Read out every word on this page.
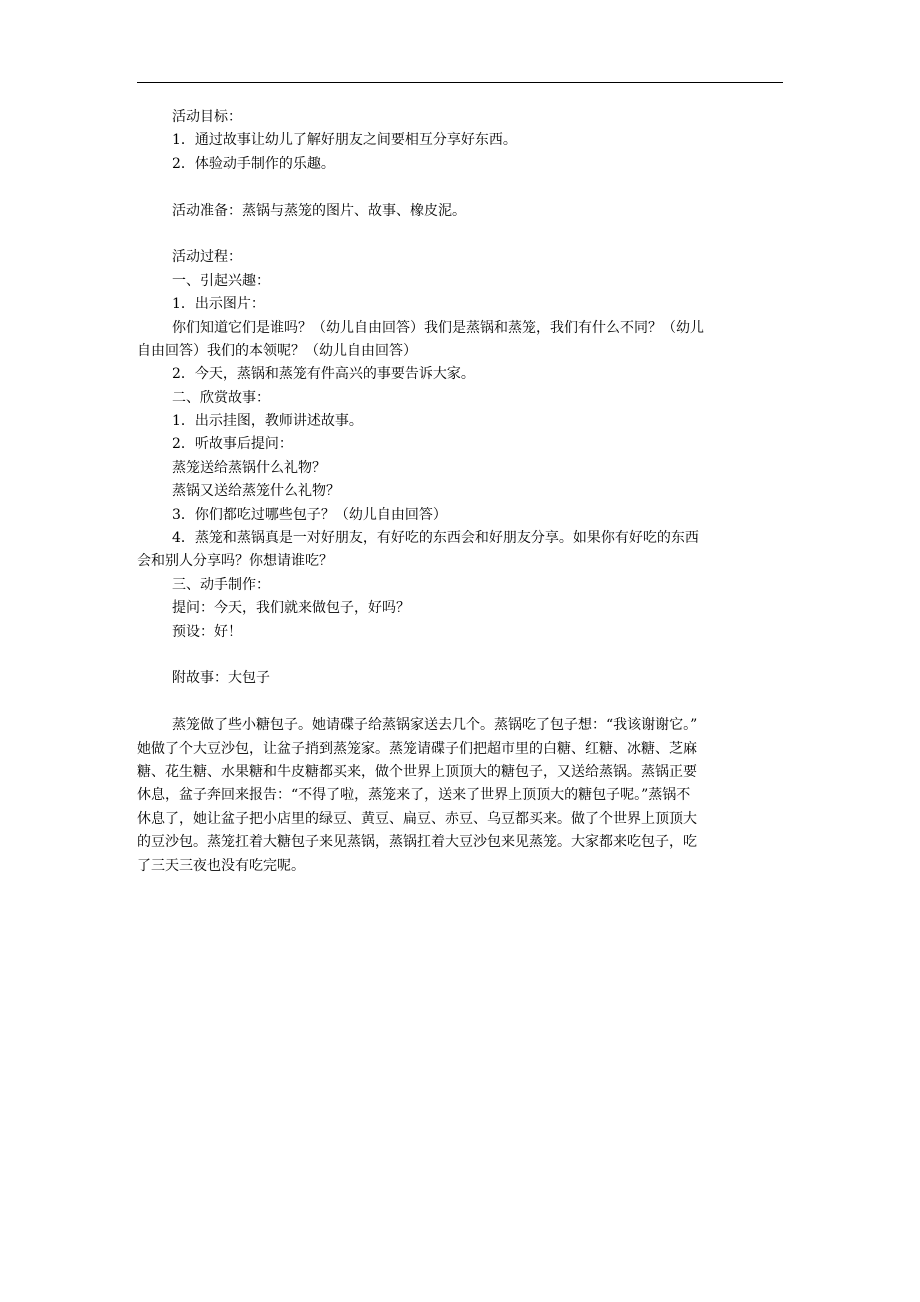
活动目标：
1．通过故事让幼儿了解好朋友之间要相互分享好东西。
2．体验动手制作的乐趣。
活动准备：蒸锅与蒸笼的图片、故事、橡皮泥。
活动过程：
一、引起兴趣：
1．出示图片：
你们知道它们是谁吗？（幼儿自由回答）我们是蒸锅和蒸笼，我们有什么不同？（幼儿
自由回答）我们的本领呢？（幼儿自由回答）
2．今天，蒸锅和蒸笼有件高兴的事要告诉大家。
二、欣赏故事：
1．出示挂图，教师讲述故事。
2．听故事后提问：
蒸笼送给蒸锅什么礼物？
蒸锅又送给蒸笼什么礼物？
3．你们都吃过哪些包子？（幼儿自由回答）
4．蒸笼和蒸锅真是一对好朋友，有好吃的东西会和好朋友分享。如果你有好吃的东西
会和别人分享吗？你想请谁吃？
三、动手制作：
提问：今天，我们就来做包子，好吗？
预设：好！
附故事：大包子
蒸笼做了些小糖包子。她请碟子给蒸锅家送去几个。蒸锅吃了包子想：“我该谢谢它。”
她做了个大豆沙包，让盆子捎到蒸笼家。蒸笼请碟子们把超市里的白糖、红糖、冰糖、芝麻
糖、花生糖、水果糖和牛皮糖都买来，做个世界上顶顶大的糖包子，又送给蒸锅。蒸锅正要
休息，盆子奔回来报告：“不得了啦，蒸笼来了，送来了世界上顶顶大的糖包子呢。”蒸锅不
休息了，她让盆子把小店里的绿豆、黄豆、扁豆、赤豆、乌豆都买来。做了个世界上顶顶大
的豆沙包。蒸笼扛着大糖包子来见蒸锅，蒸锅扛着大豆沙包来见蒸笼。大家都来吃包子，吃
了三天三夜也没有吃完呢。
